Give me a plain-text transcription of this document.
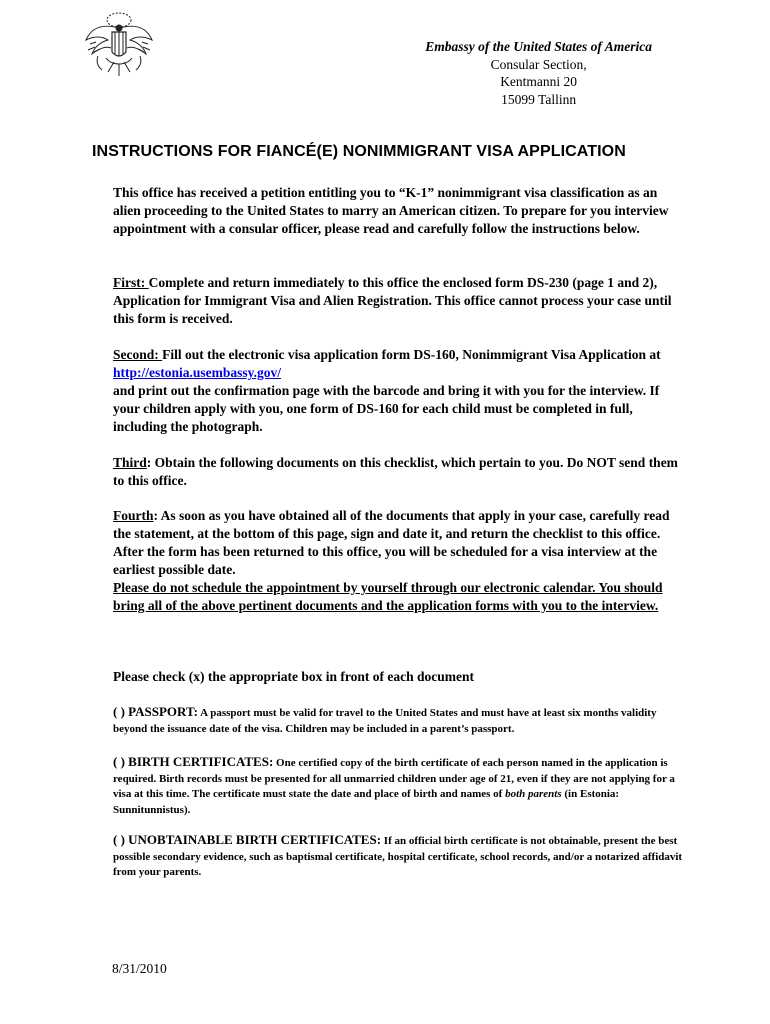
Embassy of the United States of America
Consular Section,
Kentmanni 20
15099 Tallinn
INSTRUCTIONS FOR FIANCÉ(E) NONIMMIGRANT VISA APPLICATION
This office has received a petition entitling you to “K-1” nonimmigrant visa classification as an alien proceeding to the United States to marry an American citizen. To prepare for you interview appointment with a consular officer, please read and carefully follow the instructions below.
First: Complete and return immediately to this office the enclosed form DS-230 (page 1 and 2), Application for Immigrant Visa and Alien Registration. This office cannot process your case until this form is received.
Second: Fill out the electronic visa application form DS-160, Nonimmigrant Visa Application at http://estonia.usembassy.gov/
and print out the confirmation page with the barcode and bring it with you for the interview. If your children apply with you, one form of DS-160 for each child must be completed in full, including the photograph.
Third: Obtain the following documents on this checklist, which pertain to you. Do NOT send them to this office.
Fourth: As soon as you have obtained all of the documents that apply in your case, carefully read the statement, at the bottom of this page, sign and date it, and return the checklist to this office. After the form has been returned to this office, you will be scheduled for a visa interview at the earliest possible date.
Please do not schedule the appointment by yourself through our electronic calendar. You should bring all of the above pertinent documents and the application forms with you to the interview.
Please check (x) the appropriate box in front of each document
( ) PASSPORT: A passport must be valid for travel to the United States and must have at least six months validity beyond the issuance date of the visa. Children may be included in a parent’s passport.
( ) BIRTH CERTIFICATES: One certified copy of the birth certificate of each person named in the application is required. Birth records must be presented for all unmarried children under age of 21, even if they are not applying for a visa at this time. The certificate must state the date and place of birth and names of both parents (in Estonia: Sunnitunnistus).
( ) UNOBTAINABLE BIRTH CERTIFICATES: If an official birth certificate is not obtainable, present the best possible secondary evidence, such as baptismal certificate, hospital certificate, school records, and/or a notarized affidavit from your parents.
8/31/2010
